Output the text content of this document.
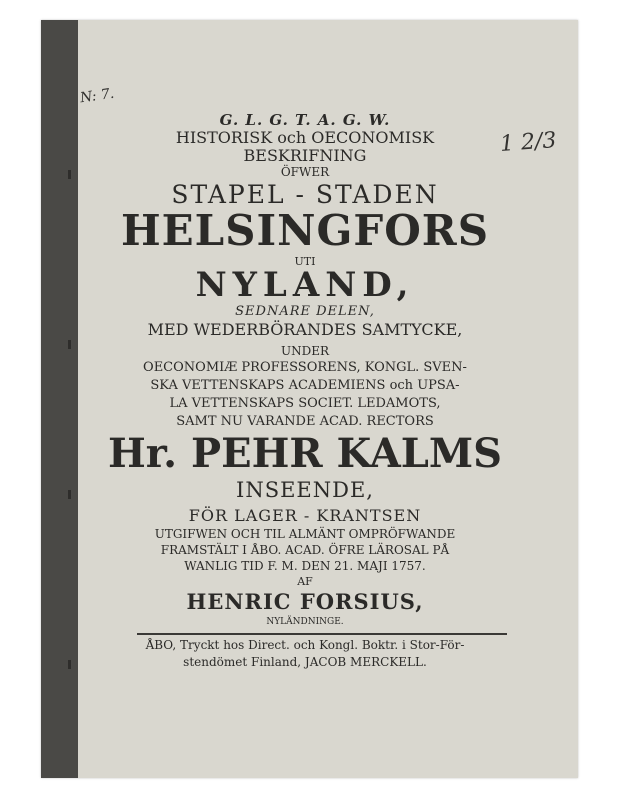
N: 7.
1 2/3
G. L. G. T. A. G. W.
HISTORISK och OECONOMISK
BESKRIFNING
ÖFWER
STAPEL - STADEN
HELSINGFORS
UTI
NYLAND,
SEDNARE DELEN,
MED WEDERBÖRANDES SAMTYCKE,
UNDER
OECONOMIÆ PROFESSORENS, KONGL. SVEN-
SKA VETTENSKAPS ACADEMIENS och UPSA-
LA VETTENSKAPS SOCIET. LEDAMOTS,
SAMT NU VARANDE ACAD. RECTORS
Hr. PEHR KALMS
INSEENDE,
FÖR LAGER - KRANTSEN
UTGIFWEN OCH TIL ALMÄNT OMPRÖFWANDE
FRAMSTÄLT I ÅBO. ACAD. ÖFRE LÄROSAL PÅ
WANLIG TID F. M. DEN 21. MAJI 1757.
AF
HENRIC FORSIUS,
NYLÄNDNINGE.
ÅBO, Tryckt hos Direct. och Kongl. Boktr. i Stor-För-
stendömet Finland, JACOB MERCKELL.
